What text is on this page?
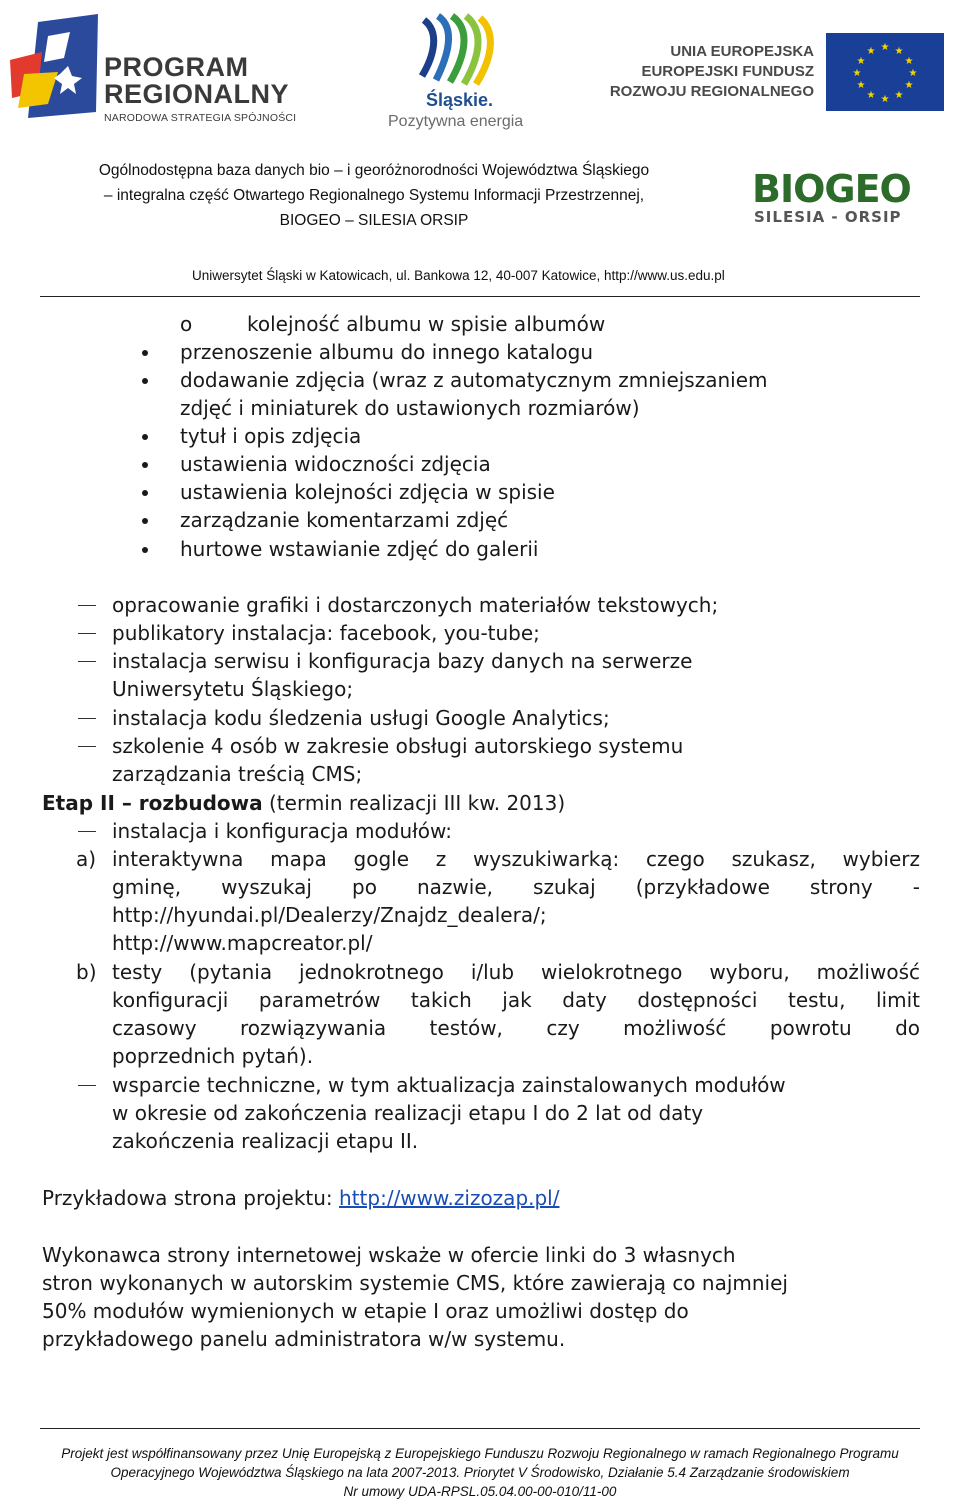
PROGRAM
REGIONALNY
NARODOWA STRATEGIA SPÓJNOŚCI
Śląskie.
Pozytywna energia
UNIA EUROPEJSKA
EUROPEJSKI FUNDUSZ
ROZWOJU REGIONALNEGO
★ ★
★
★
★
★
★
★
★
★
★
★
Ogólnodostępna baza danych bio – i georóżnorodności Województwa Śląskiego
– integralna część Otwartego Regionalnego Systemu Informacji Przestrzennej,
BIOGEO – SILESIA ORSIP
BIOGEO
SILESIA - ORSIP
Uniwersytet Śląski w Katowicach, ul. Bankowa 12, 40-007 Katowice, http://www.us.edu.pl
o	kolejność albumu w spisie albumów
przenoszenie albumu do innego katalogu
dodawanie zdjęcia (wraz z automatycznym zmniejszaniem
zdjęć i miniaturek do ustawionych rozmiarów)
tytuł i opis zdjęcia
ustawienia widoczności zdjęcia
ustawienia kolejności zdjęcia w spisie
zarządzanie komentarzami zdjęć
hurtowe wstawianie zdjęć do galerii
opracowanie grafiki i dostarczonych materiałów tekstowych;
publikatory instalacja: facebook, you-tube;
instalacja serwisu i konfiguracja bazy danych na serwerze
Uniwersytetu Śląskiego;
instalacja kodu śledzenia usługi Google Analytics;
szkolenie 4 osób w zakresie obsługi autorskiego systemu
zarządzania treścią CMS;
Etap II – rozbudowa (termin realizacji III kw. 2013)
instalacja i konfiguracja modułów:
a) interaktywna mapa gogle z wyszukiwarką: czego szukasz, wybierz
gminę, wyszukaj po nazwie, szukaj (przykładowe strony -
http://hyundai.pl/Dealerzy/Znajdz_dealera/;
http://www.mapcreator.pl/
b) testy (pytania jednokrotnego i/lub wielokrotnego wyboru, możliwość
konfiguracji parametrów takich jak daty dostępności testu, limit
czasowy rozwiązywania testów, czy możliwość powrotu do
poprzednich pytań).
wsparcie techniczne, w tym aktualizacja zainstalowanych modułów
w okresie od zakończenia realizacji etapu I do 2 lat od daty
zakończenia realizacji etapu II.
Przykładowa strona projektu: http://www.zizozap.pl/
Wykonawca strony internetowej wskaże w ofercie linki do 3 własnych
stron wykonanych w autorskim systemie CMS, które zawierają co najmniej
50% modułów wymienionych w etapie I oraz umożliwi dostęp do
przykładowego panelu administratora w/w systemu.
Projekt jest współfinansowany przez Unię Europejską z Europejskiego Funduszu Rozwoju Regionalnego w ramach Regionalnego Programu
Operacyjnego Województwa Śląskiego na lata 2007-2013. Priorytet V Środowisko, Działanie 5.4 Zarządzanie środowiskiem
Nr umowy UDA-RPSL.05.04.00-00-010/11-00
